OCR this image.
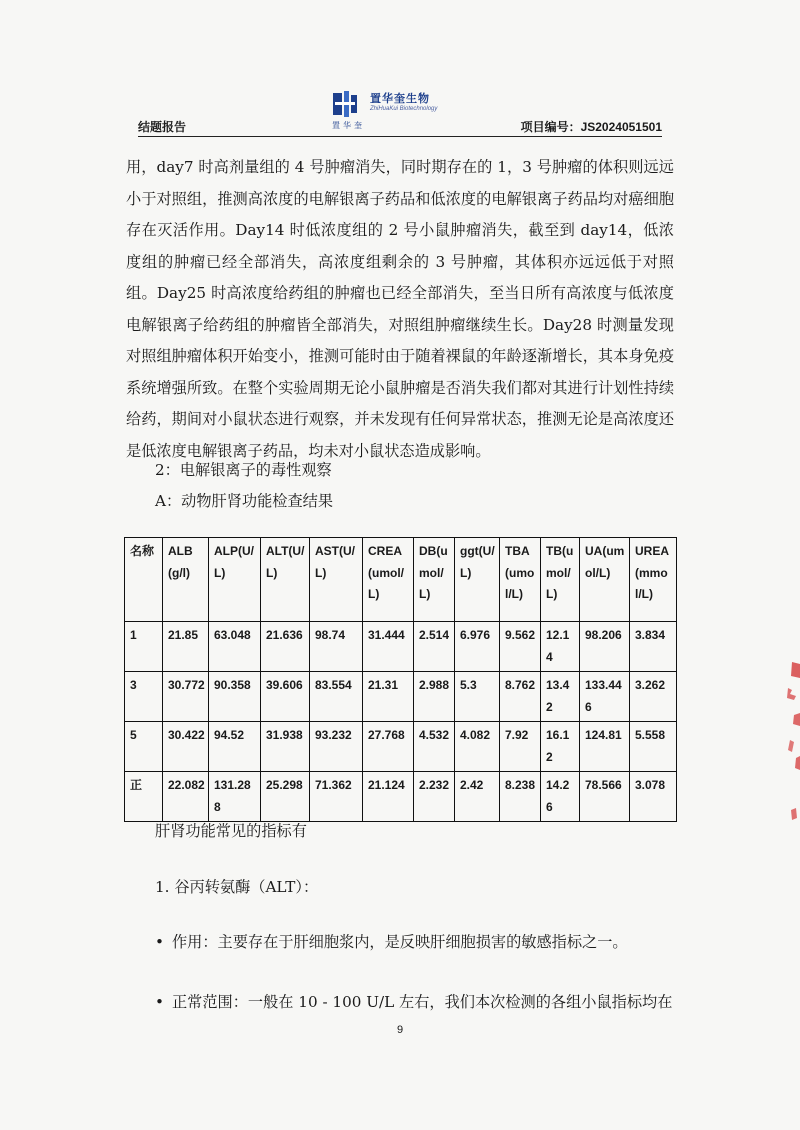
置华奎生物
ZhiHuaKui Biotechnology
置华奎
结题报告	项目编号：JS2024051501

用，day7 时高剂量组的 4 号肿瘤消失，同时期存在的 1，3 号肿瘤的体积则远远小于对照组，推测高浓度的电解银离子药品和低浓度的电解银离子药品均对癌细胞存在灭活作用。Day14 时低浓度组的 2 号小鼠肿瘤消失，截至到 day14，低浓度组的肿瘤已经全部消失，高浓度组剩余的 3 号肿瘤，其体积亦远远低于对照组。Day25 时高浓度给药组的肿瘤也已经全部消失，至当日所有高浓度与低浓度电解银离子给药组的肿瘤皆全部消失，对照组肿瘤继续生长。Day28 时测量发现对照组肿瘤体积开始变小，推测可能时由于随着裸鼠的年龄逐渐增长，其本身免疫系统增强所致。在整个实验周期无论小鼠肿瘤是否消失我们都对其进行计划性持续给药，期间对小鼠状态进行观察，并未发现有任何异常状态，推测无论是高浓度还是低浓度电解银离子药品，均未对小鼠状态造成影响。

2：电解银离子的毒性观察
A：动物肝肾功能检查结果
名称	ALB(g/l)	ALP(U/L)	ALT(U/L)	AST(U/L)	CREA(umol/L)	DB(umol/L)	ggt(U/L)	TBA(umol/L)	TB(umol/L)	UA(umol/L)	UREA(mmol/L)
1	21.85	63.048	21.636	98.74	31.444	2.514	6.976	9.562	12.14	98.206	3.834
3	30.772	90.358	39.606	83.554	21.31	2.988	5.3	8.762	13.42	133.446	3.262
5	30.422	94.52	31.938	93.232	27.768	4.532	4.082	7.92	16.12	124.81	5.558
正	22.082	131.288	25.298	71.362	21.124	2.232	2.42	8.238	14.26	78.566	3.078
肝肾功能常见的指标有
1. 谷丙转氨酶（ALT）：
• 作用：主要存在于肝细胞浆内，是反映肝细胞损害的敏感指标之一。
• 正常范围：一般在 10 - 100 U/L 左右，我们本次检测的各组小鼠指标均在
9
